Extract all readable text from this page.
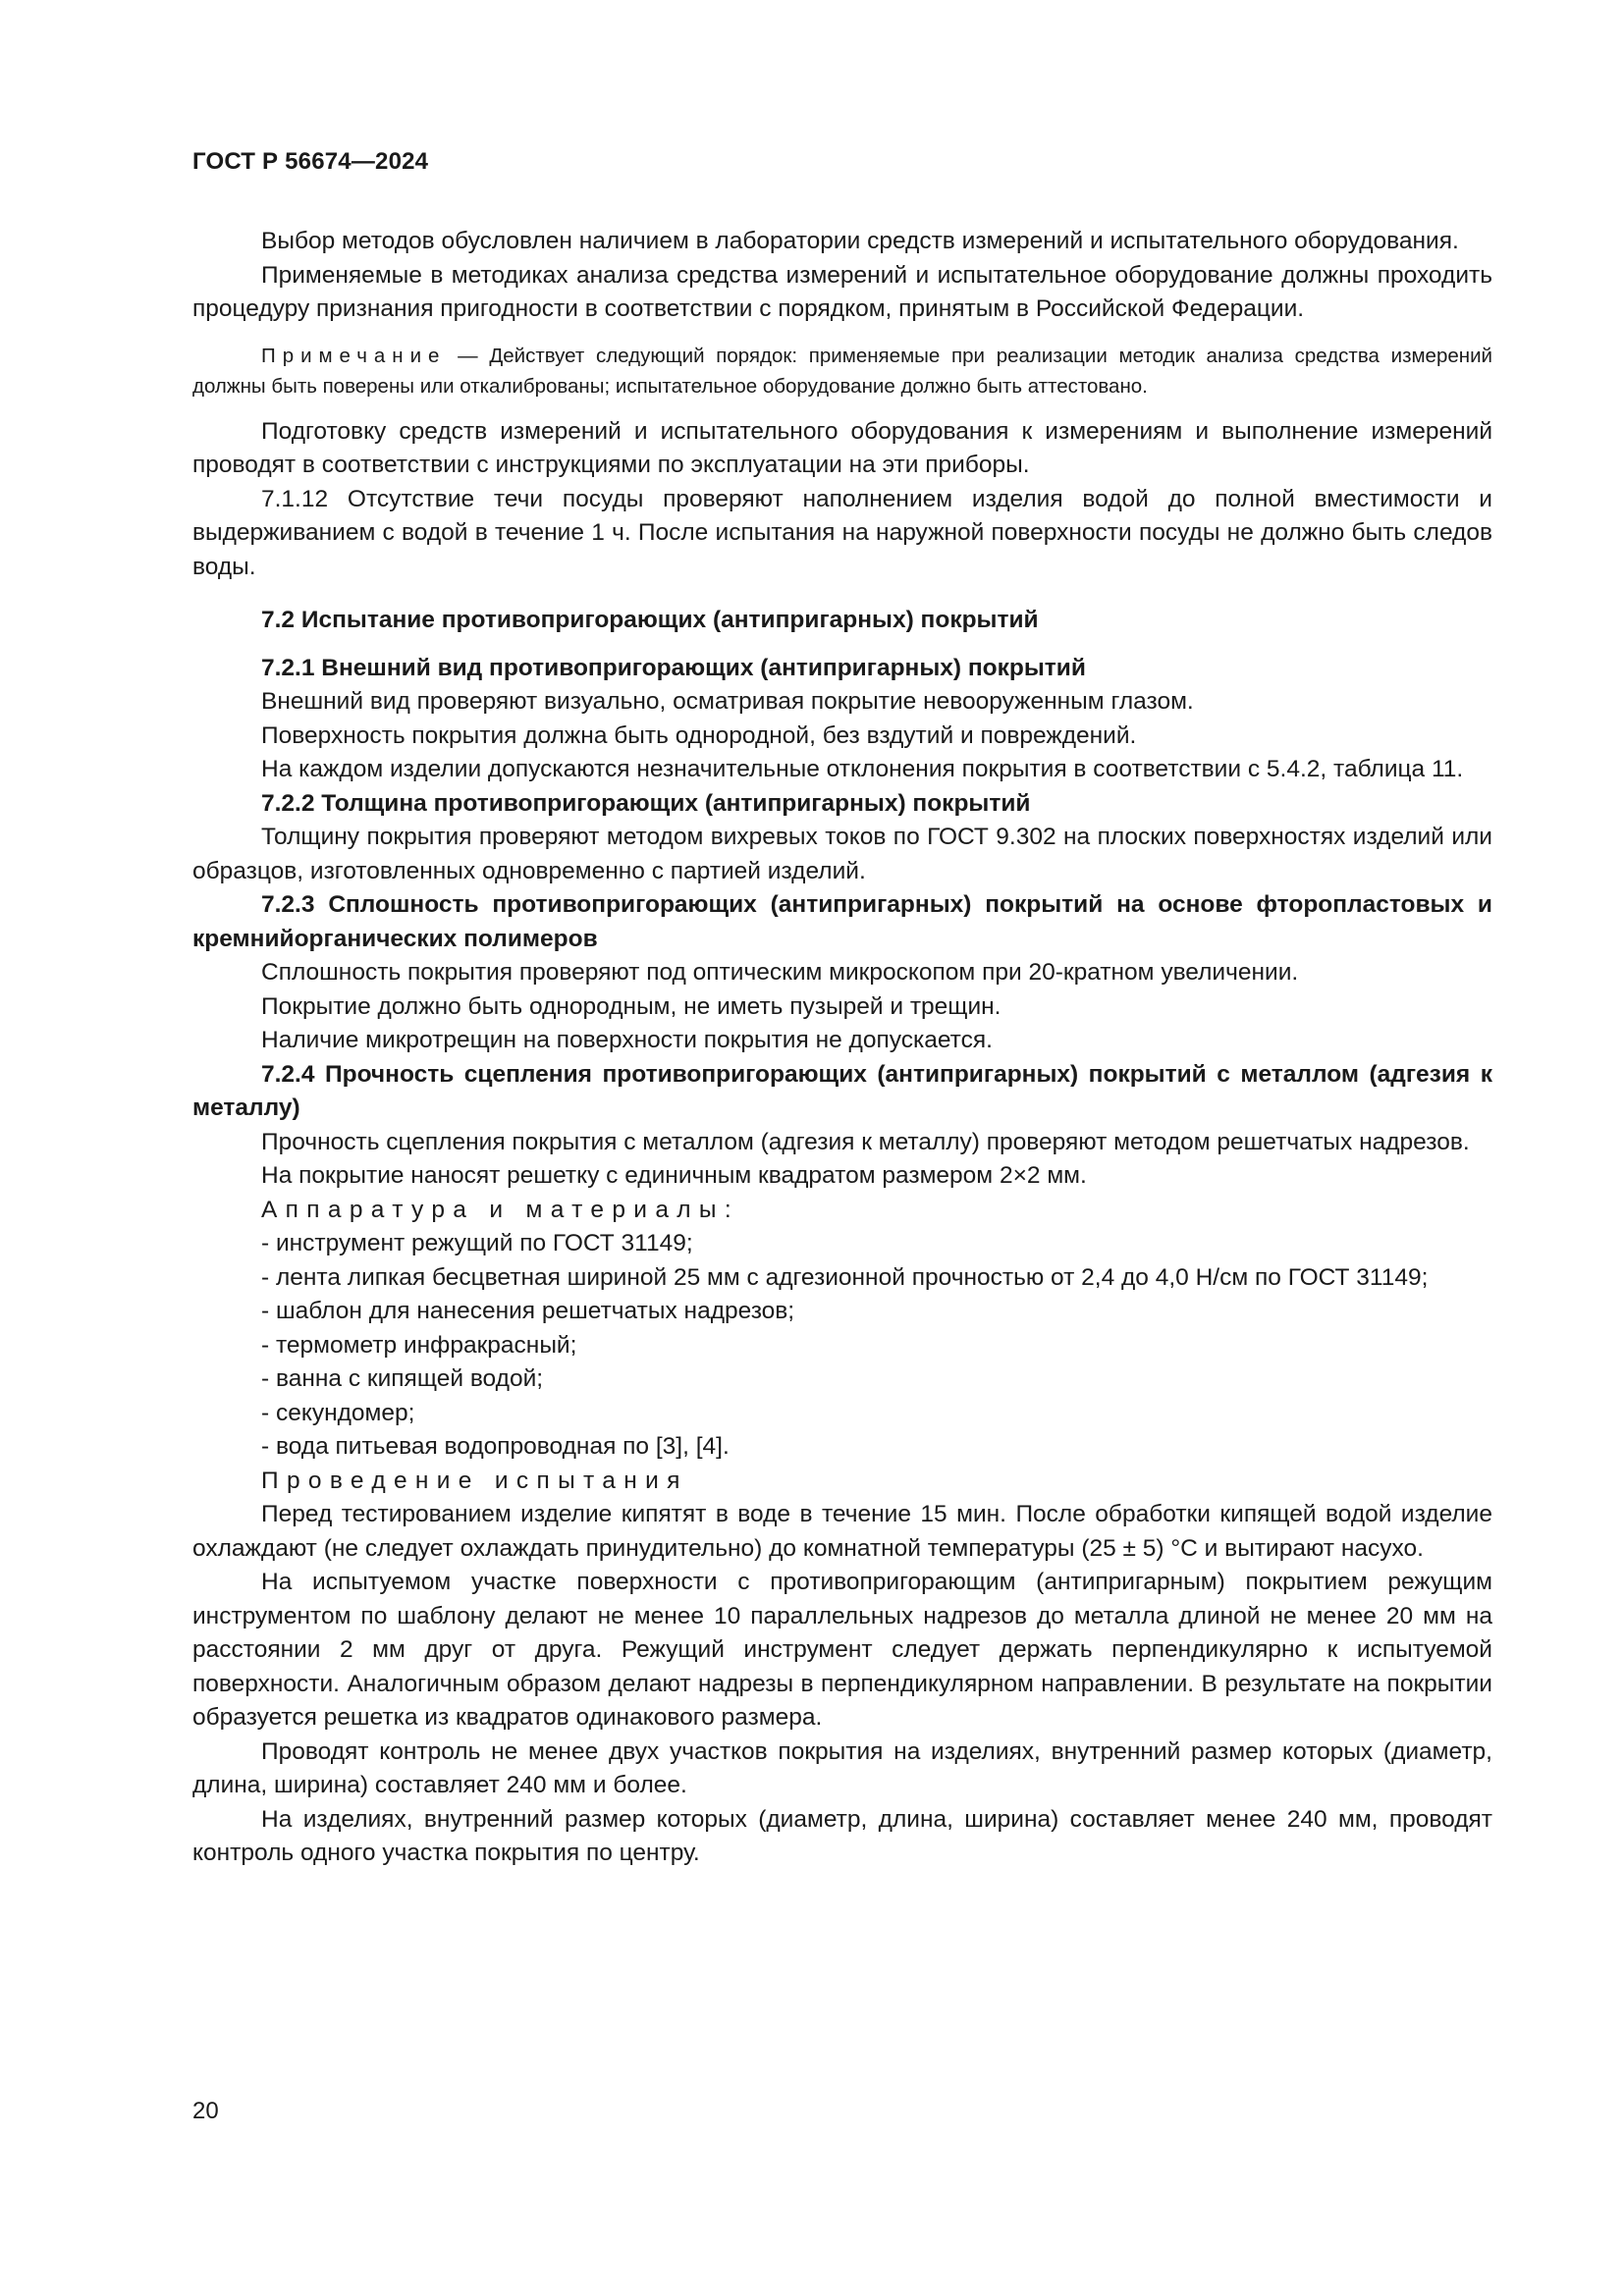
ГОСТ Р 56674—2024

Выбор методов обусловлен наличием в лаборатории средств измерений и испытательного оборудования.

Применяемые в методиках анализа средства измерений и испытательное оборудование должны проходить процедуру признания пригодности в соответствии с порядком, принятым в Российской Федерации.

Примечание — Действует следующий порядок: применяемые при реализации методик анализа средства измерений должны быть поверены или откалиброваны; испытательное оборудование должно быть аттестовано.

Подготовку средств измерений и испытательного оборудования к измерениям и выполнение измерений проводят в соответствии с инструкциями по эксплуатации на эти приборы.

7.1.12 Отсутствие течи посуды проверяют наполнением изделия водой до полной вместимости и выдерживанием с водой в течение 1 ч. После испытания на наружной поверхности посуды не должно быть следов воды.

7.2 Испытание противопригорающих (антипригарных) покрытий

7.2.1 Внешний вид противопригорающих (антипригарных) покрытий

Внешний вид проверяют визуально, осматривая покрытие невооруженным глазом.

Поверхность покрытия должна быть однородной, без вздутий и повреждений.

На каждом изделии допускаются незначительные отклонения покрытия в соответствии с 5.4.2, таблица 11.

7.2.2 Толщина противопригорающих (антипригарных) покрытий

Толщину покрытия проверяют методом вихревых токов по ГОСТ 9.302 на плоских поверхностях изделий или образцов, изготовленных одновременно с партией изделий.

7.2.3 Сплошность противопригорающих (антипригарных) покрытий на основе фторопластовых и кремнийорганических полимеров

Сплошность покрытия проверяют под оптическим микроскопом при 20-кратном увеличении.

Покрытие должно быть однородным, не иметь пузырей и трещин.

Наличие микротрещин на поверхности покрытия не допускается.

7.2.4 Прочность сцепления противопригорающих (антипригарных) покрытий с металлом (адгезия к металлу)

Прочность сцепления покрытия с металлом (адгезия к металлу) проверяют методом решетчатых надрезов.

На покрытие наносят решетку с единичным квадратом размером 2×2 мм.

Аппаратура и материалы:

- инструмент режущий по ГОСТ 31149;

- лента липкая бесцветная шириной 25 мм с адгезионной прочностью от 2,4 до 4,0 Н/см по ГОСТ 31149;

- шаблон для нанесения решетчатых надрезов;

- термометр инфракрасный;

- ванна с кипящей водой;

- секундомер;

- вода питьевая водопроводная по [3], [4].

Проведение испытания

Перед тестированием изделие кипятят в воде в течение 15 мин. После обработки кипящей водой изделие охлаждают (не следует охлаждать принудительно) до комнатной температуры (25 ± 5) °С и вытирают насухо.

На испытуемом участке поверхности с противопригорающим (антипригарным) покрытием режущим инструментом по шаблону делают не менее 10 параллельных надрезов до металла длиной не менее 20 мм на расстоянии 2 мм друг от друга. Режущий инструмент следует держать перпендикулярно к испытуемой поверхности. Аналогичным образом делают надрезы в перпендикулярном направлении. В результате на покрытии образуется решетка из квадратов одинакового размера.

Проводят контроль не менее двух участков покрытия на изделиях, внутренний размер которых (диаметр, длина, ширина) составляет 240 мм и более.

На изделиях, внутренний размер которых (диаметр, длина, ширина) составляет менее 240 мм, проводят контроль одного участка покрытия по центру.

20
